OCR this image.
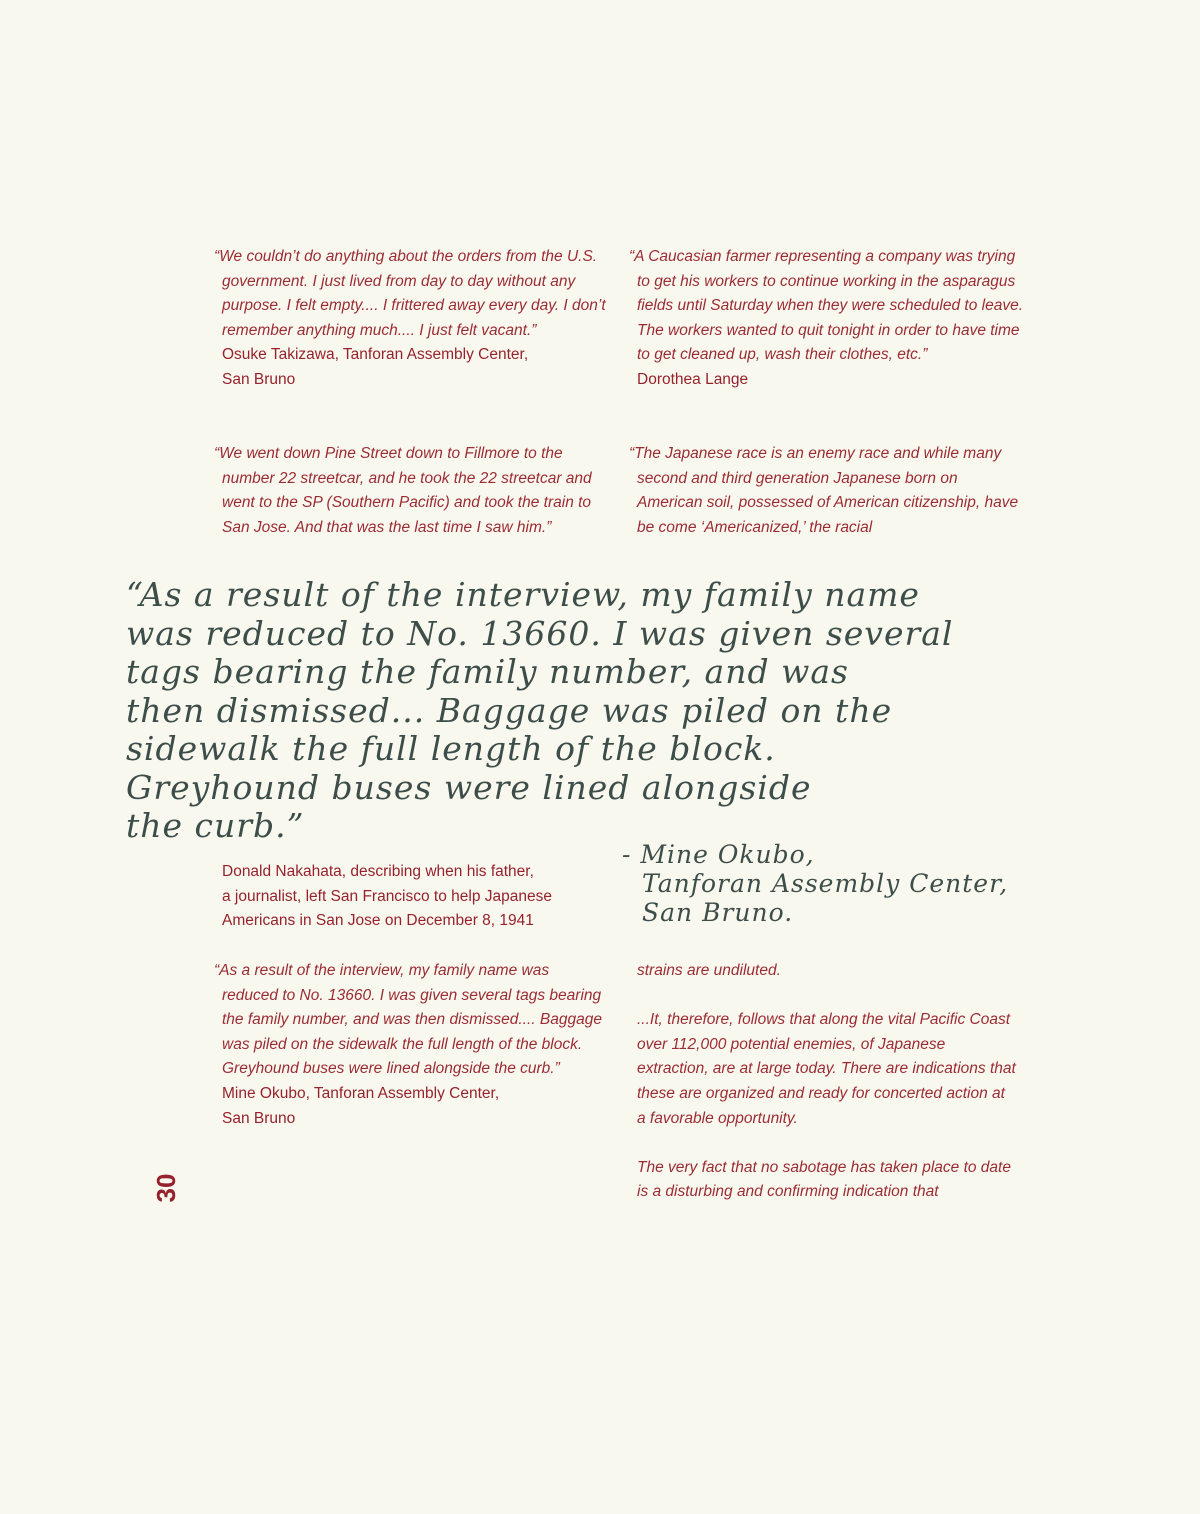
“We couldn’t do anything about the orders from the U.S. government. I just lived from day to day without any purpose. I felt empty.... I frittered away every day. I don’t remember anything much.... I just felt vacant.”

Osuke Takizawa, Tanforan Assembly Center,

San Bruno

“We went down Pine Street down to Fillmore to the number 22 streetcar, and he took the 22 streetcar and went to the SP (Southern Pacific) and took the train to San Jose. And that was the last time I saw him.”

Donald Nakahata, describing when his father,

a journalist, left San Francisco to help Japanese

Americans in San Jose on December 8, 1941

“As a result of the interview, my family name was reduced to No. 13660. I was given several tags bearing the family number, and was then dismissed.... Baggage was piled on the sidewalk the full length of the block. Greyhound buses were lined alongside the curb.”

Mine Okubo, Tanforan Assembly Center,

San Bruno

“A Caucasian farmer representing a company was trying to get his workers to continue working in the asparagus fields until Saturday when they were scheduled to leave. The workers wanted to quit tonight in order to have time to get cleaned up, wash their clothes, etc.”

Dorothea Lange

“The Japanese race is an enemy race and while many second and third generation Japanese born on American soil, possessed of American citizenship, have be come ‘Americanized,’ the racial

strains are undiluted.

...It, therefore, follows that along the vital Pacific Coast over 112,000 potential enemies, of Japanese extraction, are at large today. There are indications that these are organized and ready for concerted action at a favorable opportunity.

The very fact that no sabotage has taken place to date is a disturbing and confirming indication that

“As a result of the interview, my family name
was reduced to No. 13660. I was given several
tags bearing the family number, and was
then dismissed... Baggage was piled on the
sidewalk the full length of the block.
Greyhound buses were lined alongside
the curb.”
- Mine Okubo,
Tanforan Assembly Center,
San Bruno.
30
